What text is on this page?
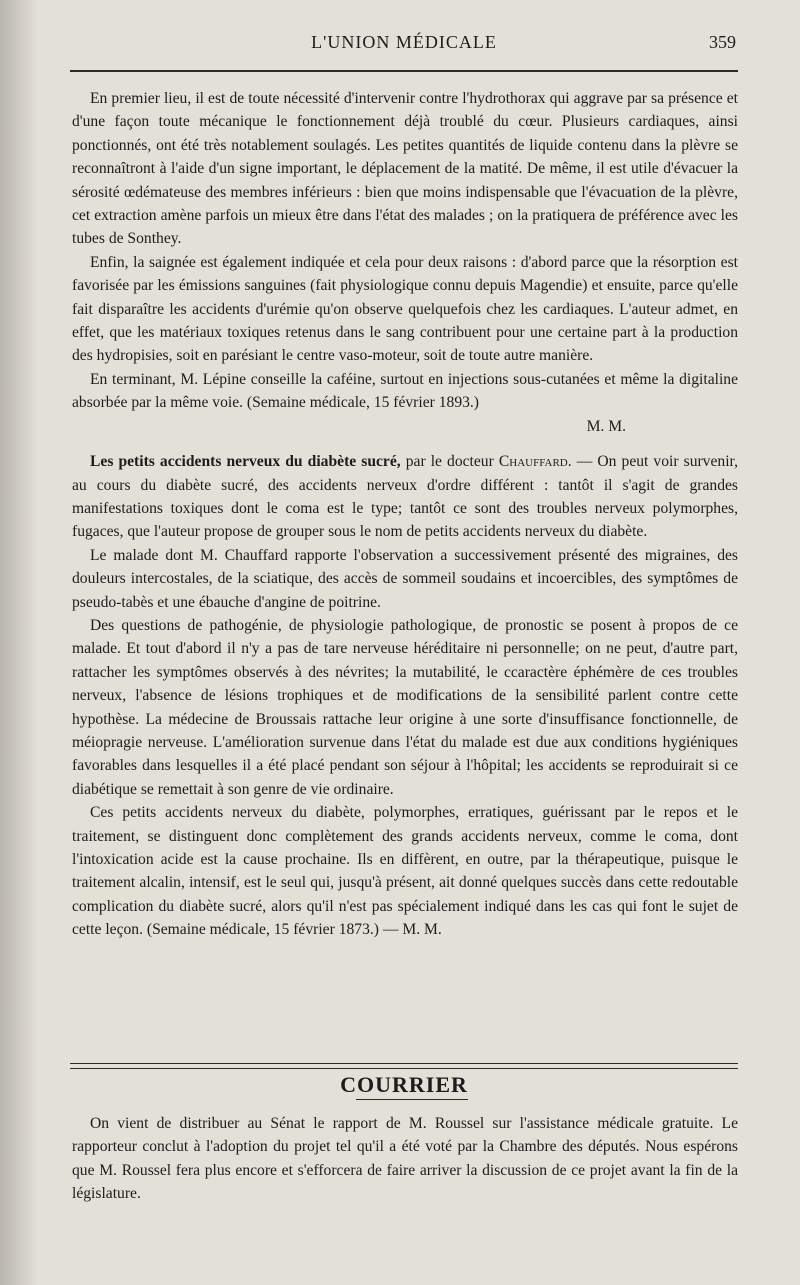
L'UNION MÉDICALE	359

En premier lieu, il est de toute nécessité d'intervenir contre l'hydrothorax qui aggrave par sa présence et d'une façon toute mécanique le fonctionnement déjà troublé du cœur. Plusieurs cardiaques, ainsi ponctionnés, ont été très notablement soulagés. Les petites quantités de liquide contenu dans la plèvre se reconnaîtront à l'aide d'un signe important, le déplacement de la matité. De même, il est utile d'évacuer la sérosité œdémateuse des membres inférieurs : bien que moins indispensable que l'évacuation de la plèvre, cet extraction amène parfois un mieux être dans l'état des malades ; on la pratiquera de préférence avec les tubes de Sonthey.

Enfin, la saignée est également indiquée et cela pour deux raisons : d'abord parce que la résorption est favorisée par les émissions sanguines (fait physiologique connu depuis Magendie) et ensuite, parce qu'elle fait disparaître les accidents d'urémie qu'on observe quelquefois chez les cardiaques. L'auteur admet, en effet, que les matériaux toxiques retenus dans le sang contribuent pour une certaine part à la production des hydropisies, soit en parésiant le centre vaso-moteur, soit de toute autre manière.

En terminant, M. Lépine conseille la caféine, surtout en injections sous-cutanées et même la digitaline absorbée par la même voie. (Semaine médicale, 15 février 1893.)

M. M.

Les petits accidents nerveux du diabète sucré, par le docteur Chauffard. — On peut voir survenir, au cours du diabète sucré, des accidents nerveux d'ordre différent : tantôt il s'agit de grandes manifestations toxiques dont le coma est le type; tantôt ce sont des troubles nerveux polymorphes, fugaces, que l'auteur propose de grouper sous le nom de petits accidents nerveux du diabète.

Le malade dont M. Chauffard rapporte l'observation a successivement présenté des migraines, des douleurs intercostales, de la sciatique, des accès de sommeil soudains et incoercibles, des symptômes de pseudo-tabès et une ébauche d'angine de poitrine.

Des questions de pathogénie, de physiologie pathologique, de pronostic se posent à propos de ce malade. Et tout d'abord il n'y a pas de tare nerveuse héréditaire ni personnelle; on ne peut, d'autre part, rattacher les symptômes observés à des névrites; la mutabilité, le ccaractère éphémère de ces troubles nerveux, l'absence de lésions trophiques et de modifications de la sensibilité parlent contre cette hypothèse. La médecine de Broussais rattache leur origine à une sorte d'insuffisance fonctionnelle, de méiopragie nerveuse. L'amélioration survenue dans l'état du malade est due aux conditions hygiéniques favorables dans lesquelles il a été placé pendant son séjour à l'hôpital; les accidents se reproduirait si ce diabétique se remettait à son genre de vie ordinaire.

Ces petits accidents nerveux du diabète, polymorphes, erratiques, guérissant par le repos et le traitement, se distinguent donc complètement des grands accidents nerveux, comme le coma, dont l'intoxication acide est la cause prochaine. Ils en diffèrent, en outre, par la thérapeutique, puisque le traitement alcalin, intensif, est le seul qui, jusqu'à présent, ait donné quelques succès dans cette redoutable complication du diabète sucré, alors qu'il n'est pas spécialement indiqué dans les cas qui font le sujet de cette leçon. (Semaine médicale, 15 février 1873.) — M. M.

COURRIER

On vient de distribuer au Sénat le rapport de M. Roussel sur l'assistance médicale gratuite. Le rapporteur conclut à l'adoption du projet tel qu'il a été voté par la Chambre des députés. Nous espérons que M. Roussel fera plus encore et s'efforcera de faire arriver la discussion de ce projet avant la fin de la législature.
